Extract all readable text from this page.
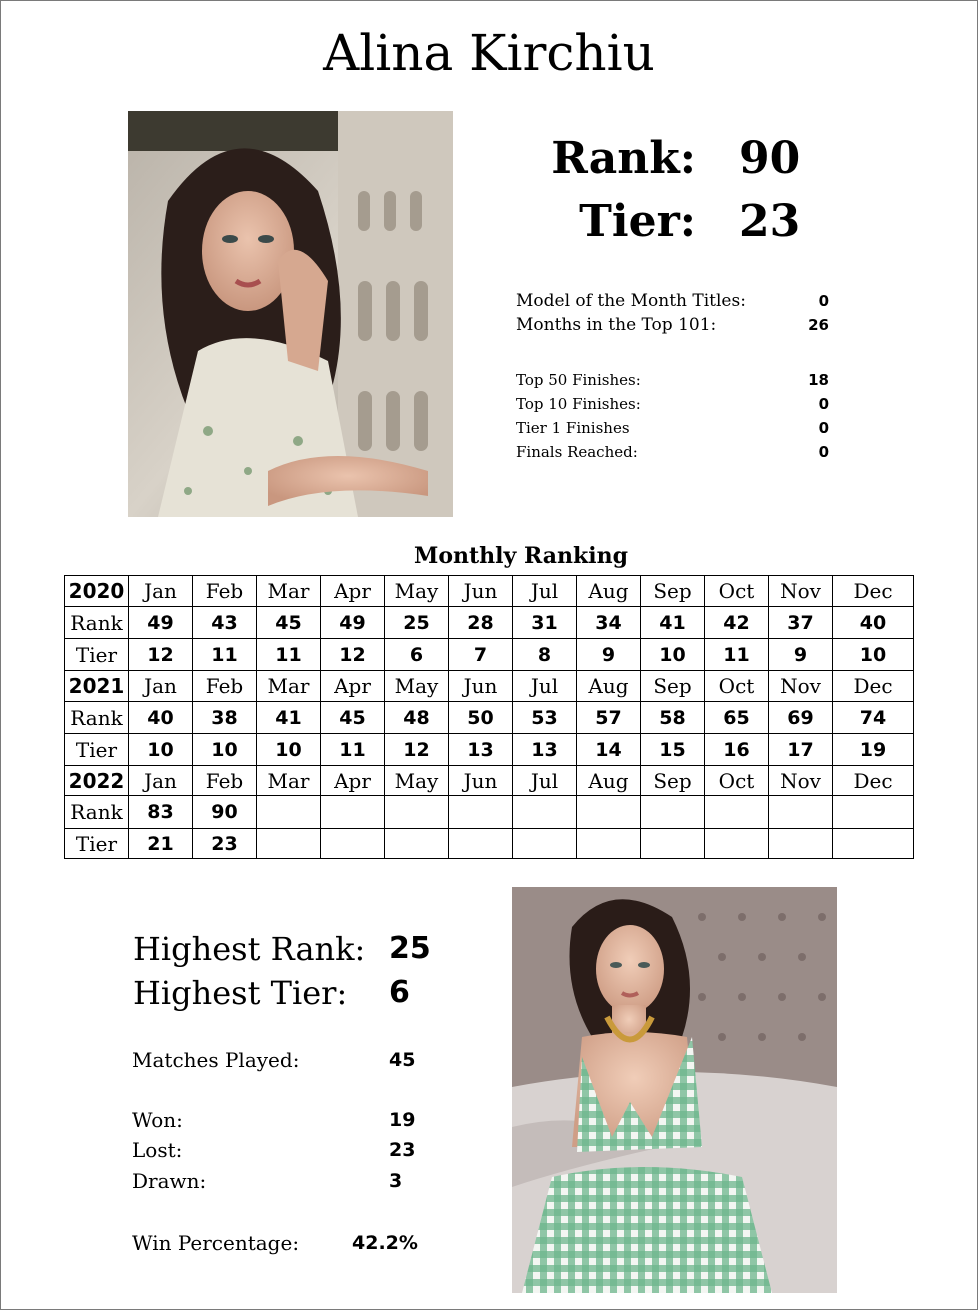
Alina Kirchiu
Rank: 90
Tier: 23
Model of the Month Titles:	0
Months in the Top 101:	26
Top 50 Finishes:	18
Top 10 Finishes:	0
Tier 1 Finishes	0
Finals Reached:	0
Monthly Ranking
2020	Jan	Feb	Mar	Apr	May	Jun	Jul	Aug	Sep	Oct	Nov	Dec
Rank	49	43	45	49	25	28	31	34	41	42	37	40
Tier	12	11	11	12	6	7	8	9	10	11	9	10
2021	Jan	Feb	Mar	Apr	May	Jun	Jul	Aug	Sep	Oct	Nov	Dec
Rank	40	38	41	45	48	50	53	57	58	65	69	74
Tier	10	10	10	11	12	13	13	14	15	16	17	19
2022	Jan	Feb	Mar	Apr	May	Jun	Jul	Aug	Sep	Oct	Nov	Dec
Rank	83	90										
Tier	21	23										
Highest Rank: 25
Highest Tier: 6
Matches Played:	45
Won:	19
Lost:	23
Drawn:	3
Win Percentage:	42.2%
